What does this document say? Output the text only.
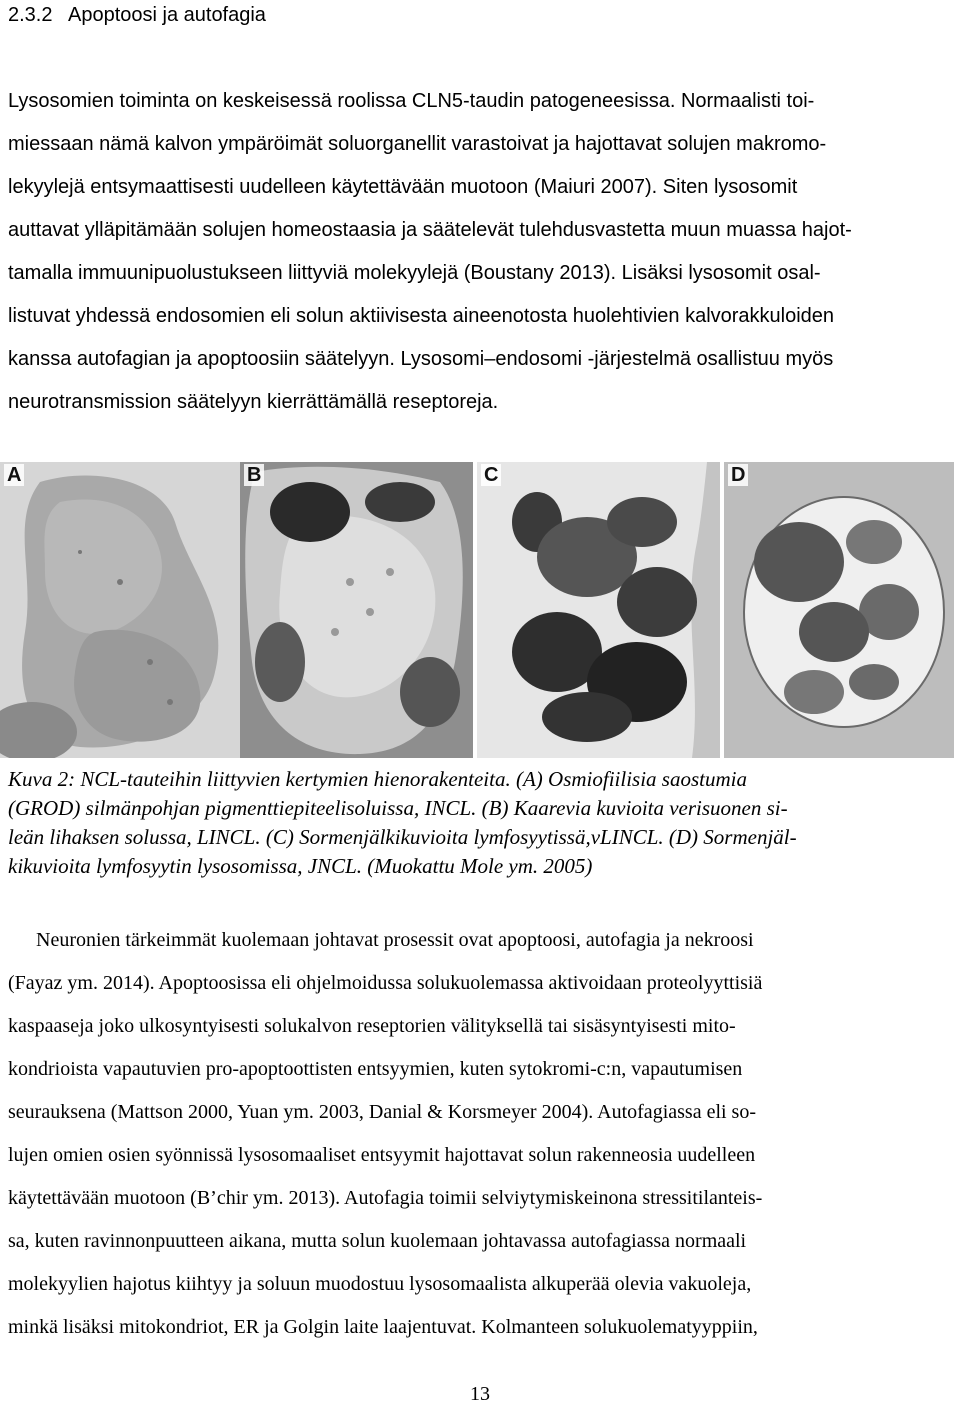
2.3.2 Apoptoosi ja autofagia
Lysosomien toiminta on keskeisessä roolissa CLN5-taudin patogeneesissa. Normaalisti toi-
miessaan nämä kalvon ympäröimät soluorganellit varastoivat ja hajottavat solujen makromo-
lekyylejä entsymaattisesti uudelleen käytettävään muotoon (Maiuri 2007). Siten lysosomit
auttavat ylläpitämään solujen homeostaasia ja säätelevät tulehdusvastetta muun muassa hajot-
tamalla immuunipuolustukseen liittyviä molekyylejä (Boustany 2013). Lisäksi lysosomit osal-
listuvat yhdessä endosomien eli solun aktiivisesta aineenotosta huolehtivien kalvorakkuloiden
kanssa autofagian ja apoptoosiin säätelyyn. Lysosomi–endosomi -järjestelmä osallistuu myös
neurotransmission säätelyyn kierrättämällä reseptoreja.
A	B	C	D
Kuva 2: NCL-tauteihin liittyvien kertymien hienorakenteita. (A) Osmiofiilisia saostumia
(GROD) silmänpohjan pigmenttiepiteelisoluissa, INCL. (B) Kaarevia kuvioita verisuonen si-
leän lihaksen solussa, LINCL. (C) Sormenjälkikuvioita lymfosyytissä,vLINCL. (D) Sormenjäl-
kikuvioita lymfosyytin lysosomissa, JNCL. (Muokattu Mole ym. 2005)
Neuronien tärkeimmät kuolemaan johtavat prosessit ovat apoptoosi, autofagia ja nekroosi
(Fayaz ym. 2014). Apoptoosissa eli ohjelmoidussa solukuolemassa aktivoidaan proteolyyttisiä
kaspaaseja joko ulkosyntyisesti solukalvon reseptorien välityksellä tai sisäsyntyisesti mito-
kondrioista vapautuvien pro-apoptoottisten entsyymien, kuten sytokromi-c:n, vapautumisen
seurauksena (Mattson 2000, Yuan ym. 2003, Danial & Korsmeyer 2004). Autofagiassa eli so-
lujen omien osien syönnissä lysosomaaliset entsyymit hajottavat solun rakenneosia uudelleen
käytettävään muotoon (B’chir ym. 2013). Autofagia toimii selviytymiskeinona stressitilanteis-
sa, kuten ravinnonpuutteen aikana, mutta solun kuolemaan johtavassa autofagiassa normaali
molekyylien hajotus kiihtyy ja soluun muodostuu lysosomaalista alkuperää olevia vakuoleja,
minkä lisäksi mitokondriot, ER ja Golgin laite laajentuvat. Kolmanteen solukuolematyyppiin,
13
